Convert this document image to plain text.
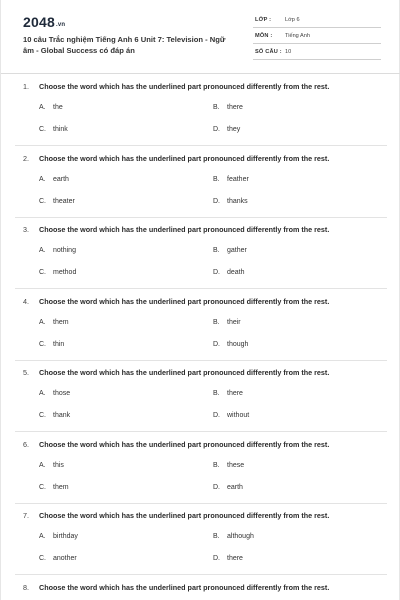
2048.vn
10 câu Trắc nghiệm Tiếng Anh 6 Unit 7: Television - Ngữ âm - Global Success có đáp án
LỚP : Lớp 6
MÔN : Tiếng Anh
SỐ CÂU : 10
1. Choose the word which has the underlined part pronounced differently from the rest.
A. the	B. there
C. think	D. they
2. Choose the word which has the underlined part pronounced differently from the rest.
A. earth	B. feather
C. theater	D. thanks
3. Choose the word which has the underlined part pronounced differently from the rest.
A. nothing	B. gather
C. method	D. death
4. Choose the word which has the underlined part pronounced differently from the rest.
A. them	B. their
C. thin	D. though
5. Choose the word which has the underlined part pronounced differently from the rest.
A. those	B. there
C. thank	D. without
6. Choose the word which has the underlined part pronounced differently from the rest.
A. this	B. these
C. them	D. earth
7. Choose the word which has the underlined part pronounced differently from the rest.
A. birthday	B. although
C. another	D. there
8. Choose the word which has the underlined part pronounced differently from the rest.
